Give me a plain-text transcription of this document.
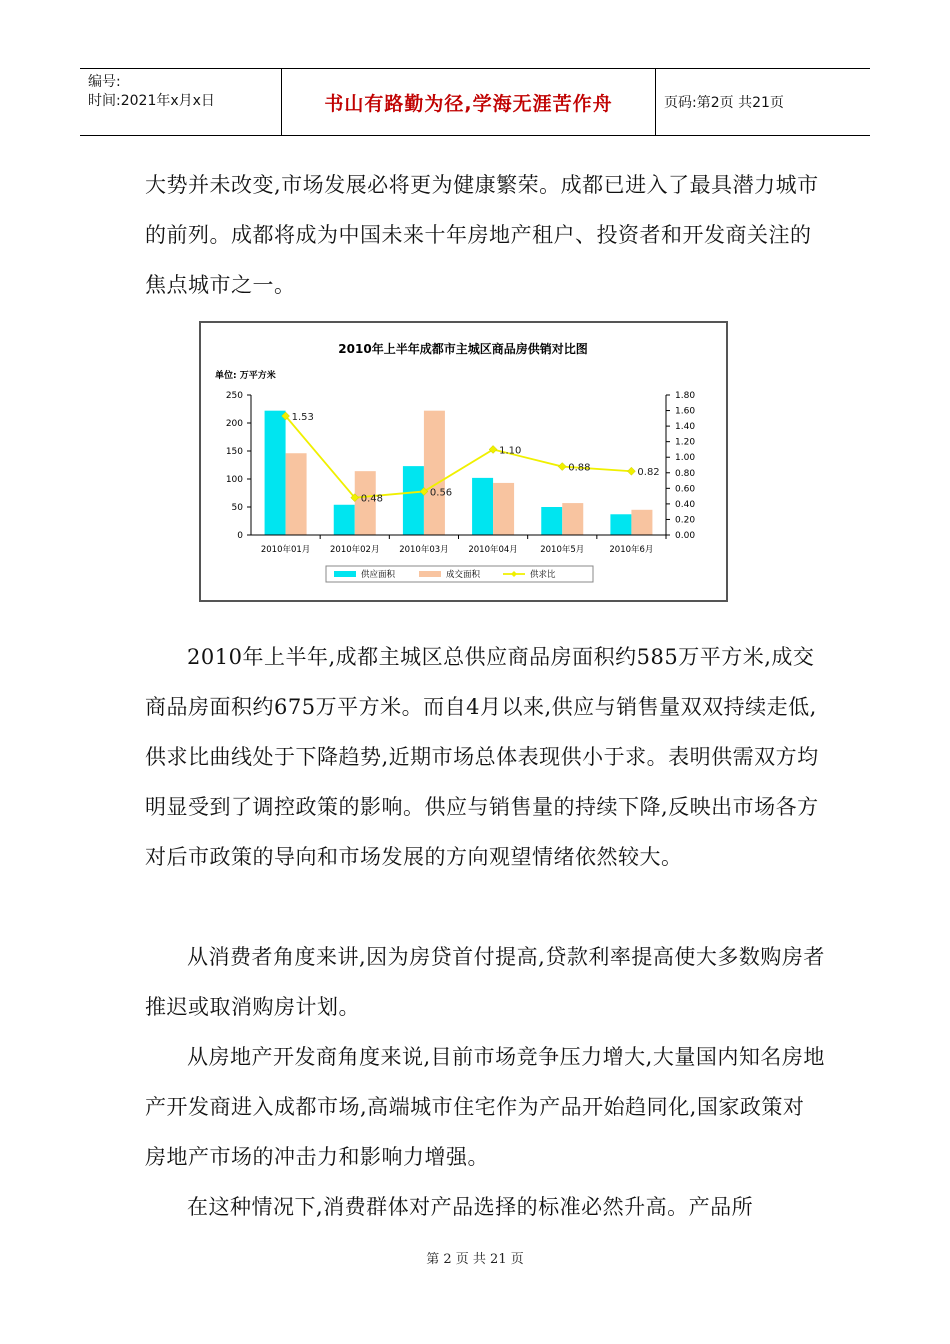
编号:
时间:2021年x月x日	书山有路勤为径,学海无涯苦作舟	页码:第2页 共21页

大势并未改变,市场发展必将更为健康繁荣。成都已进入了最具潜力城市的前列。成都将成为中国未来十年房地产租户、投资者和开发商关注的焦点城市之一。

2010年上半年成都市主城区商品房供销对比图
单位: 万平方米
1.53
0.48
0.56
1.10
0.88	0.82
0
50
100
150
200
250
0.00
0.20
0.40
0.60
0.80
1.00
1.20
1.40
1.60
1.80
2010年01月 2010年02月 2010年03月 2010年04月	2010年5月	2010年6月
供应面积	成交面积	供求比

2010年上半年,成都主城区总供应商品房面积约585万平方米,成交商品房面积约675万平方米。而自4月以来,供应与销售量双双持续走低,供求比曲线处于下降趋势,近期市场总体表现供小于求。表明供需双方均明显受到了调控政策的影响。供应与销售量的持续下降,反映出市场各方对后市政策的导向和市场发展的方向观望情绪依然较大。

从消费者角度来讲,因为房贷首付提高,贷款利率提高使大多数购房者推迟或取消购房计划。

从房地产开发商角度来说,目前市场竞争压力增大,大量国内知名房地产开发商进入成都市场,高端城市住宅作为产品开始趋同化,国家政策对房地产市场的冲击力和影响力增强。

在这种情况下,消费群体对产品选择的标准必然升高。产品所

第 2 页 共 21 页
